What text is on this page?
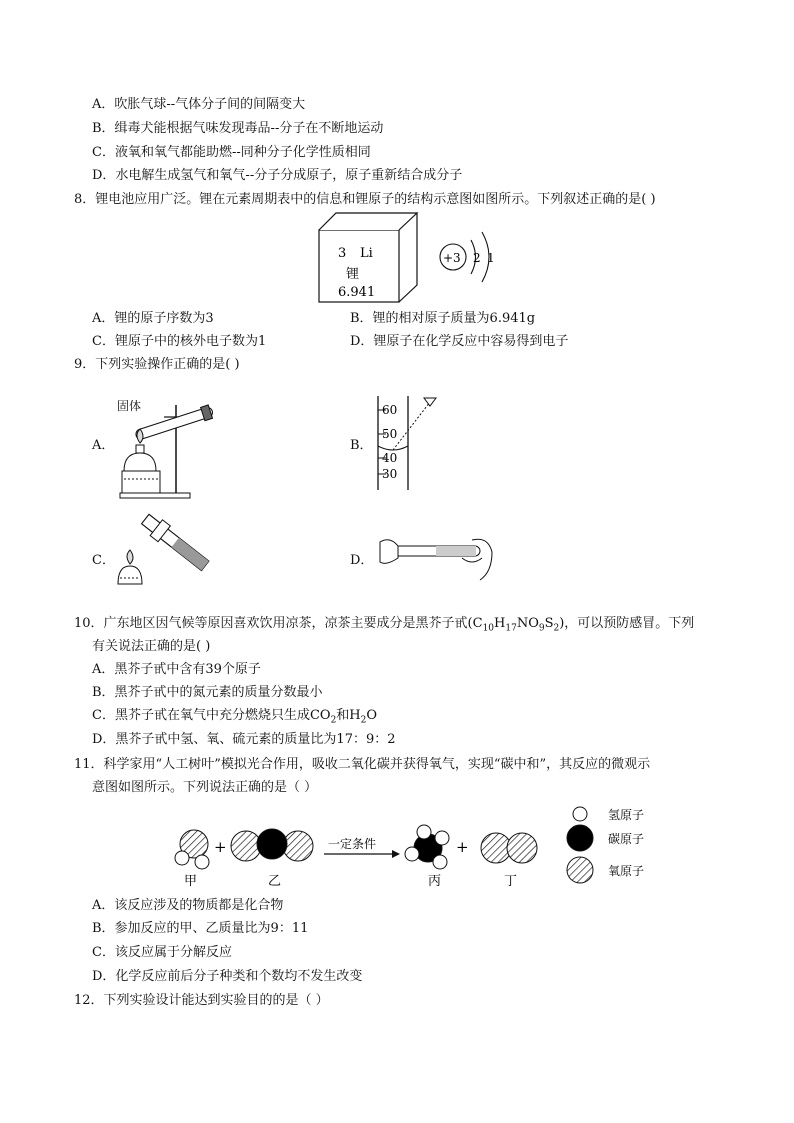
A．吹胀气球--气体分子间的间隔变大
B．缉毒犬能根据气味发现毒品--分子在不断地运动
C．液氧和氧气都能助燃--同种分子化学性质相同
D．水电解生成氢气和氧气--分子分成原子，原子重新结合成分子
8．锂电池应用广泛。锂在元素周期表中的信息和锂原子的结构示意图如图所示。下列叙述正确的是( )
3 Li
锂
6.941
+3 2 1
A．锂的原子序数为3	B．锂的相对原子质量为6.941g
C．锂原子中的核外电子数为1	D．锂原子在化学反应中容易得到电子
9．下列实验操作正确的是( )
A．
固体
B．
60
50
40
30
C．	D．
10．广东地区因气候等原因喜欢饮用凉茶，凉茶主要成分是黑芥子甙$(C_{10}H_{17}NO_9S_2)$，可以预防感冒。下列
有关说法正确的是( )
A．黑芥子甙中含有39个原子
B．黑芥子甙中的氮元素的质量分数最小
C．黑芥子甙在氧气中充分燃烧只生成$CO_2$和$H_2O$
D．黑芥子甙中氢、氧、硫元素的质量比为17：9：2
11．科学家用“人工树叶”模拟光合作用，吸收二氧化碳并获得氧气，实现“碳中和”，其反应的微观示
意图如图所示。下列说法正确的是（ ）
甲
+
乙
一定条件
丙
+
丁
氢原子
碳原子
氧原子
A．该反应涉及的物质都是化合物
B．参加反应的甲、乙质量比为9：11
C．该反应属于分解反应
D．化学反应前后分子种类和个数均不发生改变
12．下列实验设计能达到实验目的的是（ ）
